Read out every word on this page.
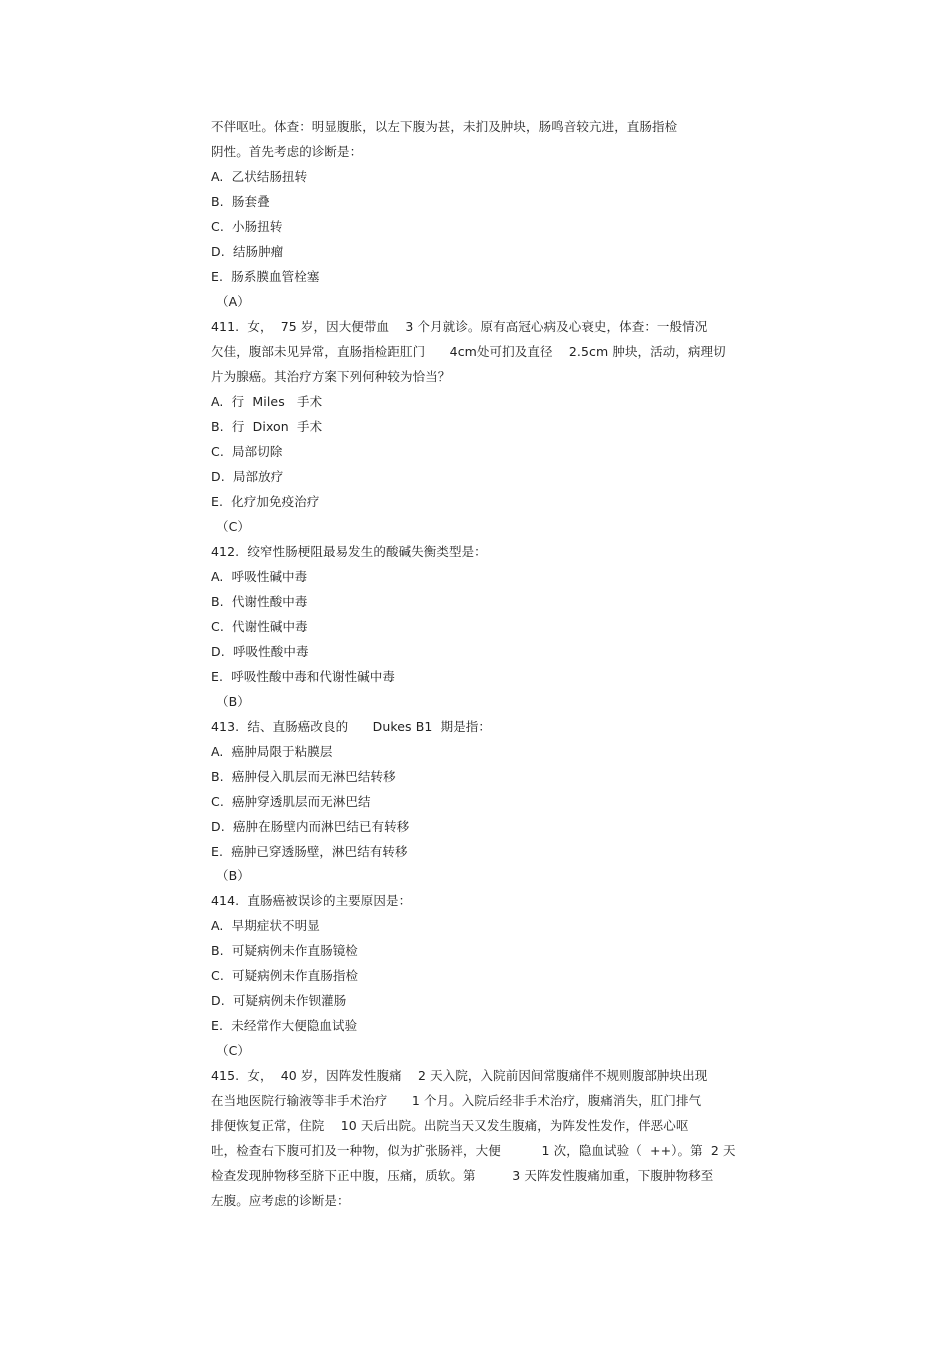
不伴呕吐。体查：明显腹胀，以左下腹为甚，未扪及肿块，肠鸣音较亢进，直肠指检
阴性。首先考虑的诊断是：
A.  乙状结肠扭转
B.  肠套叠
C.  小肠扭转
D.  结肠肿瘤
E.  肠系膜血管栓塞
（A）
411.  女，  75 岁，因大便带血    3 个月就诊。原有高冠心病及心衰史，体查：一般情况
欠佳，腹部未见异常，直肠指检距肛门      4cm处可扪及直径    2.5cm 肿块，活动，病理切
片为腺癌。其治疗方案下列何种较为恰当？
A.  行  Miles   手术
B.  行  Dixon  手术
C.  局部切除
D.  局部放疗
E.  化疗加免疫治疗
（C）
412.  绞窄性肠梗阻最易发生的酸碱失衡类型是：
A.  呼吸性碱中毒
B.  代谢性酸中毒
C.  代谢性碱中毒
D.  呼吸性酸中毒
E.  呼吸性酸中毒和代谢性碱中毒
（B）
413.  结、直肠癌改良的      Dukes B1  期是指：
A.  癌肿局限于粘膜层
B.  癌肿侵入肌层而无淋巴结转移
C.  癌肿穿透肌层而无淋巴结
D.  癌肿在肠壁内而淋巴结已有转移
E.  癌肿已穿透肠壁，淋巴结有转移
（B）
414.  直肠癌被误诊的主要原因是：
A.  早期症状不明显
B.  可疑病例未作直肠镜检
C.  可疑病例未作直肠指检
D.  可疑病例未作钡灌肠
E.  未经常作大便隐血试验
（C）
415.  女，  40 岁，因阵发性腹痛    2 天入院，入院前因间常腹痛伴不规则腹部肿块出现
在当地医院行输液等非手术治疗      1 个月。入院后经非手术治疗，腹痛消失，肛门排气
排便恢复正常，住院    10 天后出院。出院当天又发生腹痛，为阵发性发作，伴恶心呕
吐，检查右下腹可扪及一种物，似为扩张肠袢，大便          1 次，隐血试验（  ++）。第  2 天
检查发现肿物移至脐下正中腹，压痛，质软。第         3 天阵发性腹痛加重，下腹肿物移至
左腹。应考虑的诊断是：
